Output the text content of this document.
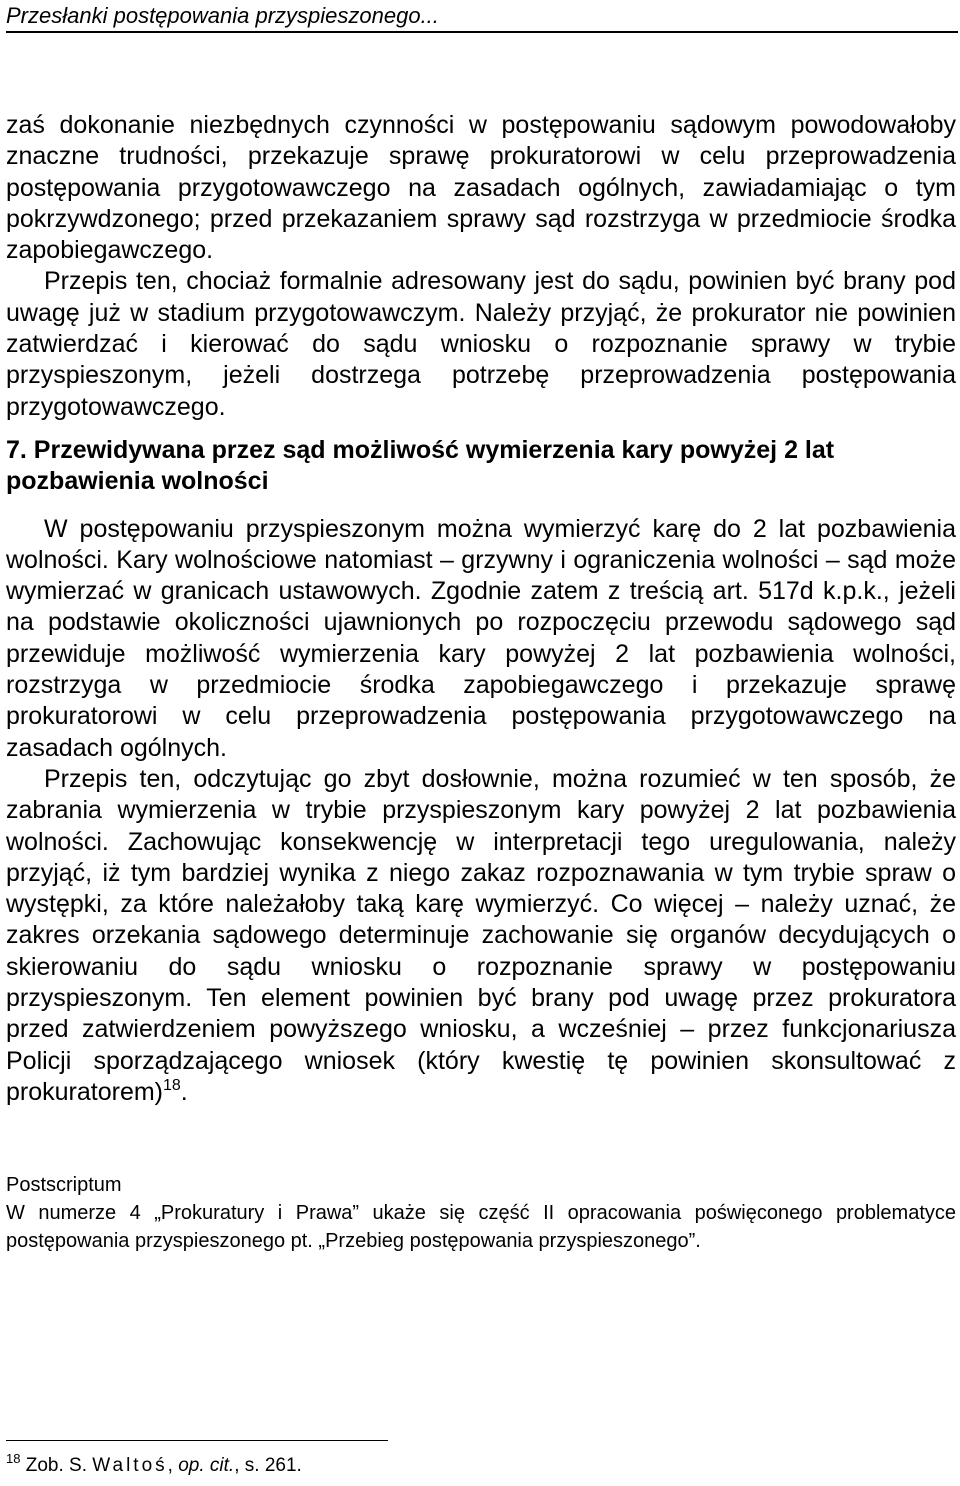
Przesłanki postępowania przyspieszonego...

zaś dokonanie niezbędnych czynności w postępowaniu sądowym powodowałoby znaczne trudności, przekazuje sprawę prokuratorowi w celu przeprowadzenia postępowania przygotowawczego na zasadach ogólnych, zawiadamiając o tym pokrzywdzonego; przed przekazaniem sprawy sąd rozstrzyga w przedmiocie środka zapobiegawczego.

Przepis ten, chociaż formalnie adresowany jest do sądu, powinien być brany pod uwagę już w stadium przygotowawczym. Należy przyjąć, że prokurator nie powinien zatwierdzać i kierować do sądu wniosku o rozpoznanie sprawy w trybie przyspieszonym, jeżeli dostrzega potrzebę przeprowadzenia postępowania przygotowawczego.

7. Przewidywana przez sąd możliwość wymierzenia kary powyżej 2 lat pozbawienia wolności

W postępowaniu przyspieszonym można wymierzyć karę do 2 lat pozbawienia wolności. Kary wolnościowe natomiast – grzywny i ograniczenia wolności – sąd może wymierzać w granicach ustawowych. Zgodnie zatem z treścią art. 517d k.p.k., jeżeli na podstawie okoliczności ujawnionych po rozpoczęciu przewodu sądowego sąd przewiduje możliwość wymierzenia kary powyżej 2 lat pozbawienia wolności, rozstrzyga w przedmiocie środka zapobiegawczego i przekazuje sprawę prokuratorowi w celu przeprowadzenia postępowania przygotowawczego na zasadach ogólnych.

Przepis ten, odczytując go zbyt dosłownie, można rozumieć w ten sposób, że zabrania wymierzenia w trybie przyspieszonym kary powyżej 2 lat pozbawienia wolności. Zachowując konsekwencję w interpretacji tego uregulowania, należy przyjąć, iż tym bardziej wynika z niego zakaz rozpoznawania w tym trybie spraw o występki, za które należałoby taką karę wymierzyć. Co więcej – należy uznać, że zakres orzekania sądowego determinuje zachowanie się organów decydujących o skierowaniu do sądu wniosku o rozpoznanie sprawy w postępowaniu przyspieszonym. Ten element powinien być brany pod uwagę przez prokuratora przed zatwierdzeniem powyższego wniosku, a wcześniej – przez funkcjonariusza Policji sporządzającego wniosek (który kwestię tę powinien skonsultować z prokuratorem)$^{18}$.

Postscriptum
W numerze 4 „Prokuratury i Prawa” ukaże się część II opracowania poświęconego problematyce postępowania przyspieszonego pt. „Przebieg postępowania przyspieszonego”.
$^{18}$ Zob. S. Waltoś, op. cit., s. 261.
